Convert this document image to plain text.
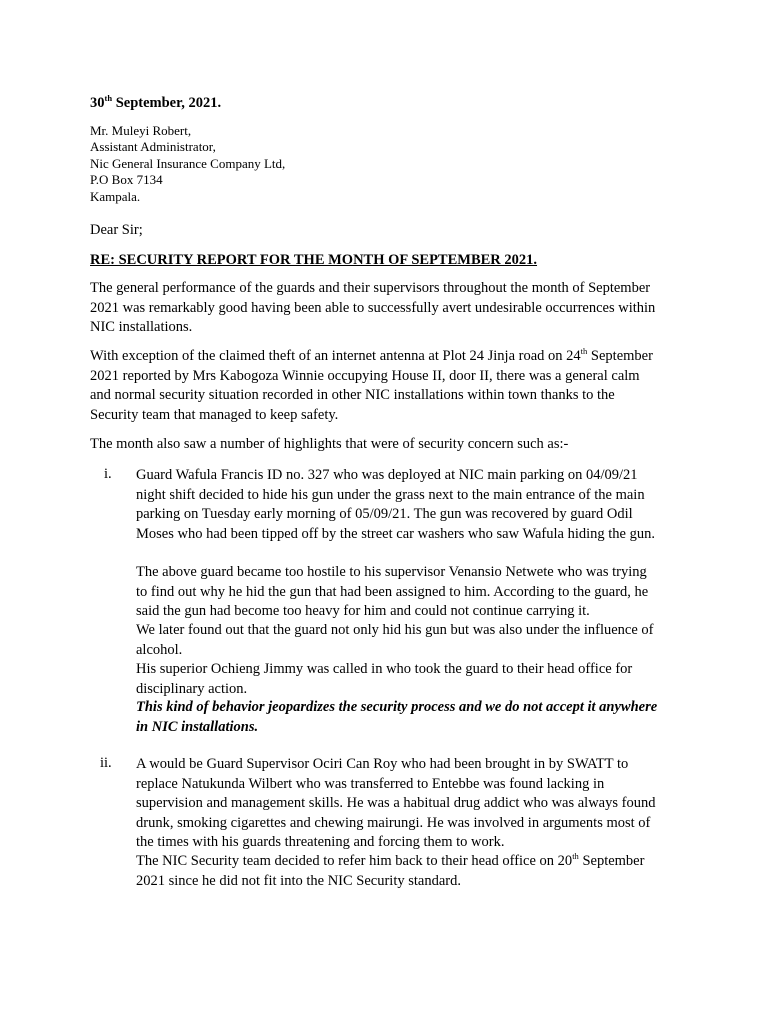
30th September, 2021.
Mr. Muleyi Robert,
Assistant Administrator,
Nic General Insurance Company Ltd,
P.O Box 7134
Kampala.
Dear Sir;
RE: SECURITY REPORT FOR THE MONTH OF SEPTEMBER 2021.
The general performance of the guards and their supervisors throughout the month of September
2021 was remarkably good having been able to successfully avert undesirable occurrences within
NIC installations.
With exception of the claimed theft of an internet antenna at Plot 24 Jinja road on 24th September
2021 reported by Mrs Kabogoza Winnie occupying House II, door II, there was a general calm
and normal security situation recorded in other NIC installations within town thanks to the
Security team that managed to keep safety.
The month also saw a number of highlights that were of security concern such as:-
i. Guard Wafula Francis ID no. 327 who was deployed at NIC main parking on 04/09/21
night shift decided to hide his gun under the grass next to the main entrance of the main
parking on Tuesday early morning of 05/09/21. The gun was recovered by guard Odil
Moses who had been tipped off by the street car washers who saw Wafula hiding the gun.
The above guard became too hostile to his supervisor Venansio Netwete who was trying
to find out why he hid the gun that had been assigned to him. According to the guard, he
said the gun had become too heavy for him and could not continue carrying it.
We later found out that the guard not only hid his gun but was also under the influence of
alcohol.
His superior Ochieng Jimmy was called in who took the guard to their head office for
disciplinary action.
This kind of behavior jeopardizes the security process and we do not accept it anywhere
in NIC installations.
ii. A would be Guard Supervisor Ociri Can Roy who had been brought in by SWATT to
replace Natukunda Wilbert who was transferred to Entebbe was found lacking in
supervision and management skills. He was a habitual drug addict who was always found
drunk, smoking cigarettes and chewing mairungi. He was involved in arguments most of
the times with his guards threatening and forcing them to work.
The NIC Security team decided to refer him back to their head office on 20th September
2021 since he did not fit into the NIC Security standard.
